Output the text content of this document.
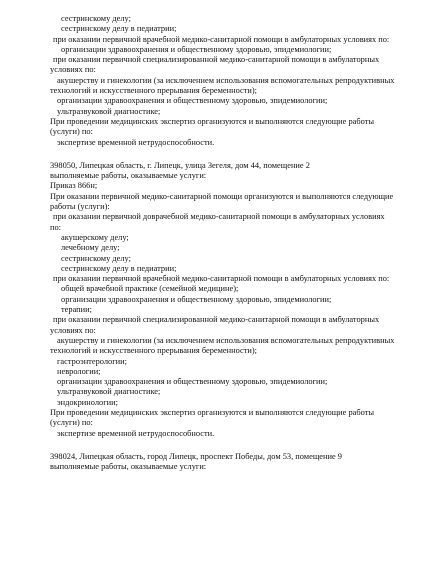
сестринскому делу;
сестринскому делу в педиатрии;
при оказании первичной врачебной медико-санитарной помощи в амбулаторных условиях по:
организации здравоохранения и общественному здоровью, эпидемиологии;
при оказании первичной специализированной медико-санитарной помощи в амбулаторных
условиях по:
акушерству и гинекологии (за исключением использования вспомогательных репродуктивных
технологий и искусственного прерывания беременности);
организации здравоохранения и общественному здоровью, эпидемиологии;
ультразвуковой диагностике;
При проведении медицинских экспертиз организуются и выполняются следующие работы
(услуги) по:
экспертизе временной нетрудоспособности.
398050, Липецкая область, г. Липецк, улица Зегеля, дом 44, помещение 2
выполняемые работы, оказываемые услуги:
Приказ 866н;
При оказании первичной медико-санитарной помощи организуются и выполняются следующие
работы (услуги):
при оказании первичной доврачебной медико-санитарной помощи в амбулаторных условиях
по:
акушерскому делу;
лечебному делу;
сестринскому делу;
сестринскому делу в педиатрии;
при оказании первичной врачебной медико-санитарной помощи в амбулаторных условиях по:
общей врачебной практике (семейной медицине);
организации здравоохранения и общественному здоровью, эпидемиологии;
терапии;
при оказании первичной специализированной медико-санитарной помощи в амбулаторных
условиях по:
акушерству и гинекологии (за исключением использования вспомогательных репродуктивных
технологий и искусственного прерывания беременности);
гастроэнтерологии;
неврологии;
организации здравоохранения и общественному здоровью, эпидемиологии;
ультразвуковой диагностике;
эндокринологии;
При проведении медицинских экспертиз организуются и выполняются следующие работы
(услуги) по:
экспертизе временной нетрудоспособности.
398024, Липецкая область, город Липецк, проспект Победы, дом 53, помещение 9
выполняемые работы, оказываемые услуги:
